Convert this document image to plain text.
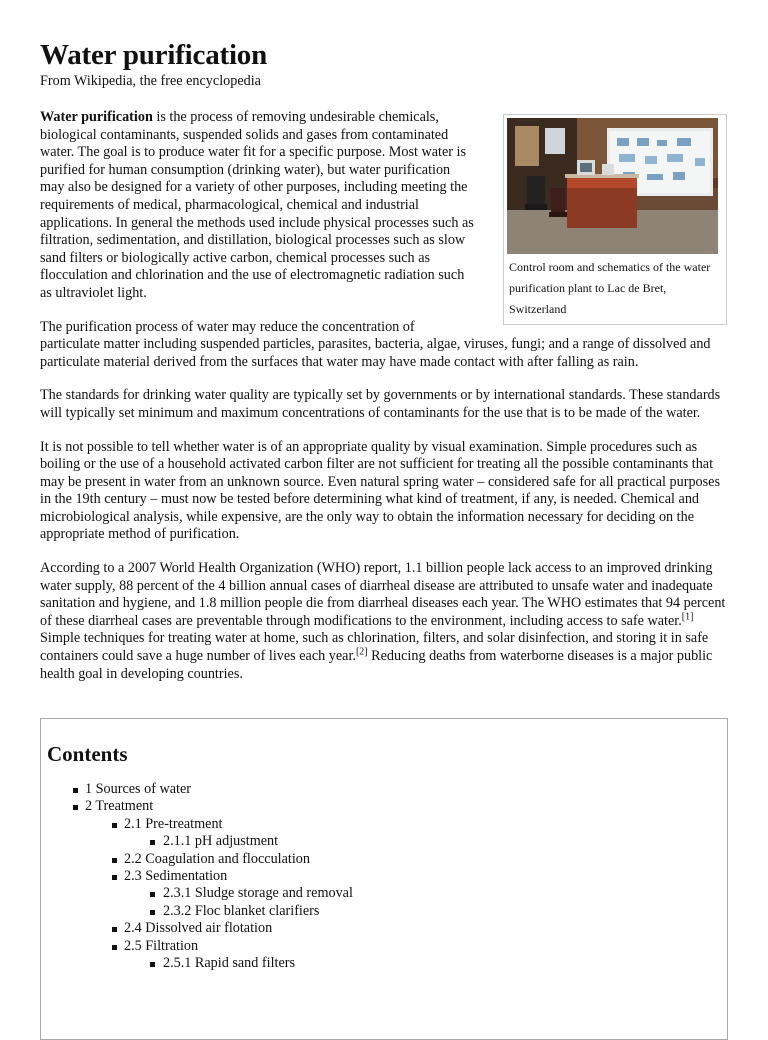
Water purification
From Wikipedia, the free encyclopedia
Control room and schematics of the water purification plant to Lac de Bret, Switzerland

Water purification is the process of removing undesirable chemicals, biological contaminants, suspended solids and gases from contaminated water. The goal is to produce water fit for a specific purpose. Most water is purified for human consumption (drinking water), but water purification may also be designed for a variety of other purposes, including meeting the requirements of medical, pharmacological, chemical and industrial applications. In general the methods used include physical processes such as filtration, sedimentation, and distillation, biological processes such as slow sand filters or biologically active carbon, chemical processes such as flocculation and chlorination and the use of electromagnetic radiation such as ultraviolet light.

The purification process of water may reduce the concentration of particulate matter including suspended particles, parasites, bacteria, algae, viruses, fungi; and a range of dissolved and particulate material derived from the surfaces that water may have made contact with after falling as rain.

The standards for drinking water quality are typically set by governments or by international standards. These standards will typically set minimum and maximum concentrations of contaminants for the use that is to be made of the water.

It is not possible to tell whether water is of an appropriate quality by visual examination. Simple procedures such as boiling or the use of a household activated carbon filter are not sufficient for treating all the possible contaminants that may be present in water from an unknown source. Even natural spring water – considered safe for all practical purposes in the 19th century – must now be tested before determining what kind of treatment, if any, is needed. Chemical and microbiological analysis, while expensive, are the only way to obtain the information necessary for deciding on the appropriate method of purification.

According to a 2007 World Health Organization (WHO) report, 1.1 billion people lack access to an improved drinking water supply, 88 percent of the 4 billion annual cases of diarrheal disease are attributed to unsafe water and inadequate sanitation and hygiene, and 1.8 million people die from diarrheal diseases each year. The WHO estimates that 94 percent of these diarrheal cases are preventable through modifications to the environment, including access to safe water.[1] Simple techniques for treating water at home, such as chlorination, filters, and solar disinfection, and storing it in safe containers could save a huge number of lives each year.[2] Reducing deaths from waterborne diseases is a major public health goal in developing countries.

Contents
1 Sources of water
2 Treatment
2.1 Pre-treatment
2.1.1 pH adjustment
2.2 Coagulation and flocculation
2.3 Sedimentation
2.3.1 Sludge storage and removal
2.3.2 Floc blanket clarifiers
2.4 Dissolved air flotation
2.5 Filtration
2.5.1 Rapid sand filters
